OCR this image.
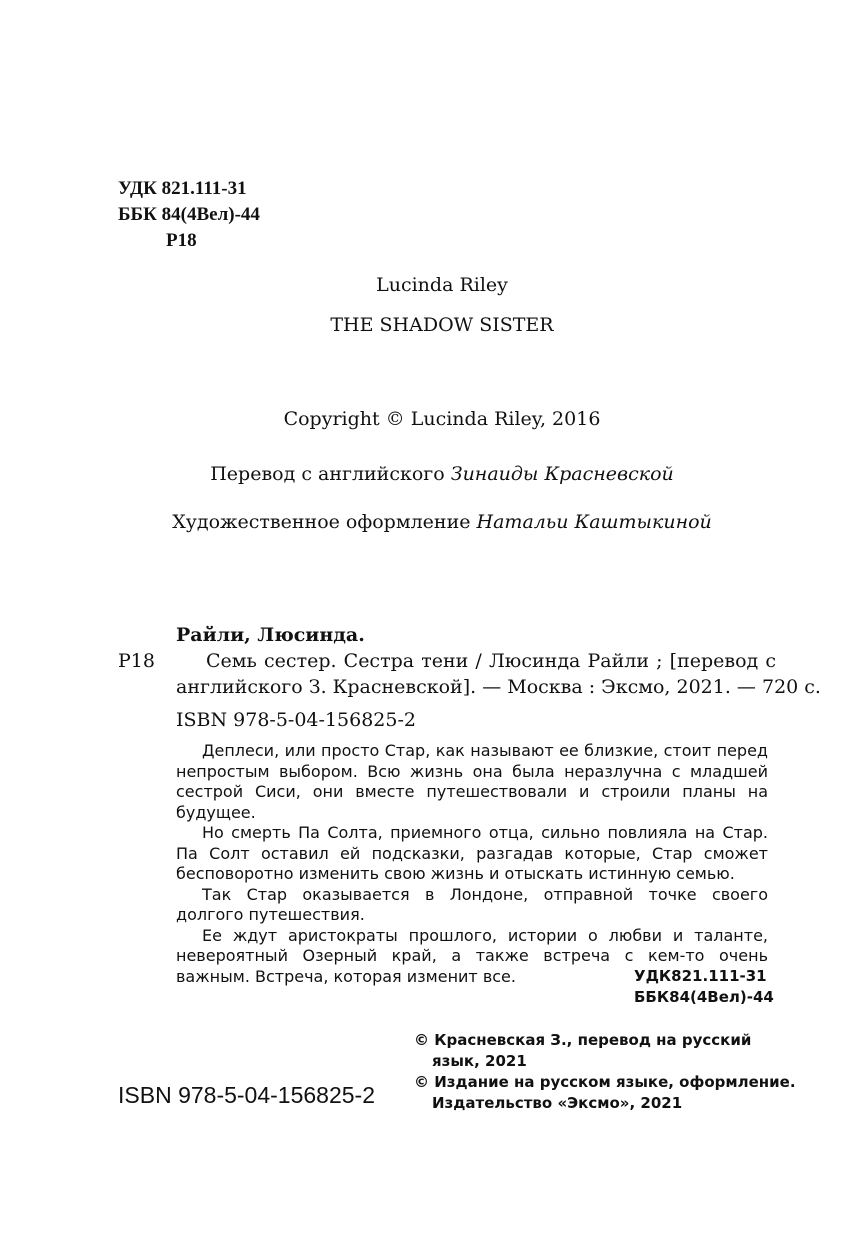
УДК 821.111-31
ББК 84(4Вел)-44
Р18
Lucinda Riley
THE SHADOW SISTER
Copyright © Lucinda Riley, 2016
Перевод с английского Зинаиды Красневской
Художественное оформление Натальи Каштыкиной
Райли, Люсинда.
Р18	Семь сестер. Сестра тени / Люсинда Райли ; [перевод с
английского З. Красневской]. — Москва : Эксмо, 2021. — 720 с.
ISBN 978-5-04-156825-2

Деплеси, или просто Стар, как называют ее близкие, стоит перед непростым выбором. Всю жизнь она была неразлучна с младшей сестрой Сиси, они вместе путешествовали и строили планы на будущее.

Но смерть Па Солта, приемного отца, сильно повлияла на Стар. Па Солт оставил ей подсказки, разгадав которые, Стар сможет бесповоротно изменить свою жизнь и отыскать истинную семью.

Так Стар оказывается в Лондоне, отправной точке своего долгого путешествия.

Ее ждут аристократы прошлого, истории о любви и таланте, невероятный Озерный край, а также встреча с кем-то очень важным. Встреча, которая изменит все.	УДК821.111-31
ББК84(4Вел)-44
ISBN 978-5-04-156825-2
© Красневская З., перевод на русский
язык, 2021
© Издание на русском языке, оформление.
Издательство «Эксмо», 2021
